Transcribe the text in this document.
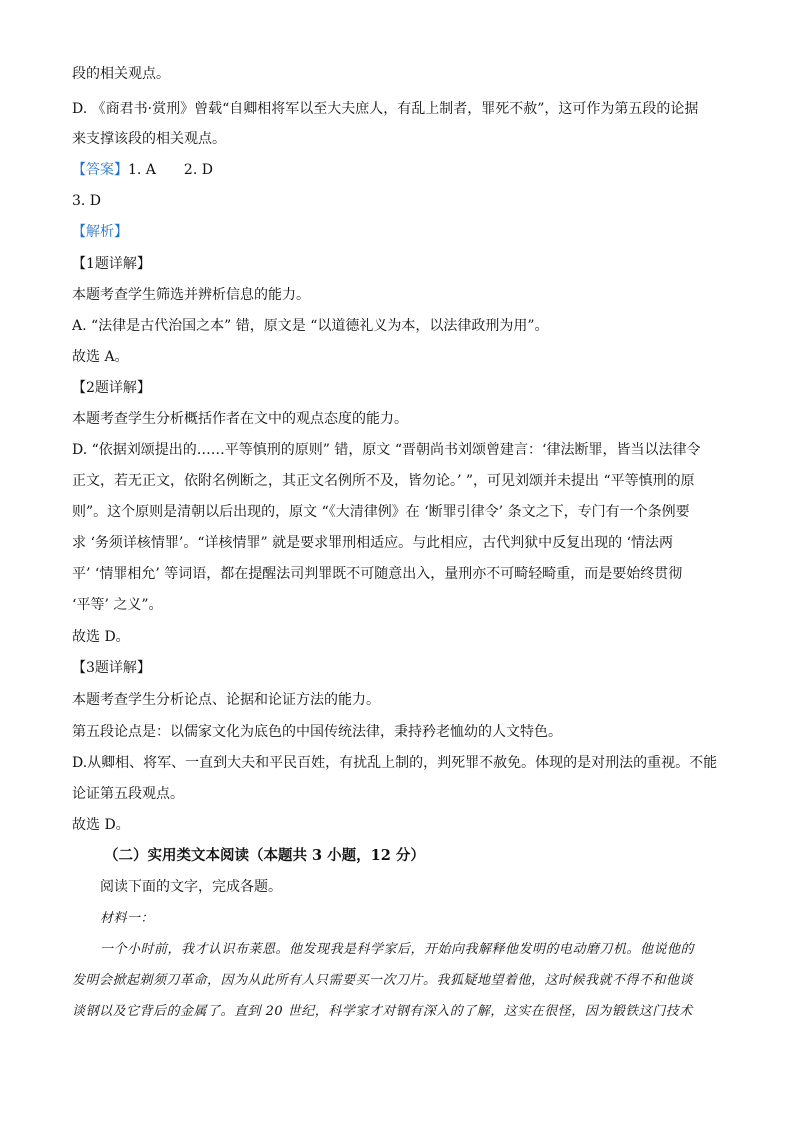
段的相关观点。
D. 《商君书·赏刑》曾载“自卿相将军以至大夫庶人，有乱上制者，罪死不赦”，这可作为第五段的论据
来支撑该段的相关观点。
【答案】1. A　　2. D
3. D
【解析】
【1题详解】
本题考查学生筛选并辨析信息的能力。
A. “法律是古代治国之本” 错，原文是 “以道德礼义为本，以法律政刑为用”。
故选 A。
【2题详解】
本题考查学生分析概括作者在文中的观点态度的能力。
D. “依据刘颂提出的……平等慎刑的原则” 错，原文 “晋朝尚书刘颂曾建言：‘律法断罪，皆当以法律令
正文，若无正文，依附名例断之，其正文名例所不及，皆勿论。’ ”，可见刘颂并未提出 “平等慎刑的原
则”。这个原则是清朝以后出现的，原文 “《大清律例》在 ‘断罪引律令’ 条文之下，专门有一个条例要
求 ‘务须详核情罪’。“详核情罪” 就是要求罪刑相适应。与此相应，古代判狱中反复出现的 ‘情法两
平’ ‘情罪相允’ 等词语，都在提醒法司判罪既不可随意出入，量刑亦不可畸轻畸重，而是要始终贯彻
‘平等’ 之义”。
故选 D。
【3题详解】
本题考查学生分析论点、论据和论证方法的能力。
第五段论点是：以儒家文化为底色的中国传统法律，秉持矜老恤幼的人文特色。
D.从卿相、将军、一直到大夫和平民百姓，有扰乱上制的，判死罪不赦免。体现的是对刑法的重视。不能
论证第五段观点。
故选 D。
（二）实用类文本阅读（本题共 3 小题，12 分）
阅读下面的文字，完成各题。
材料一：
一个小时前，我才认识布莱恩。他发现我是科学家后，开始向我解释他发明的电动磨刀机。他说他的
发明会掀起剃须刀革命，因为从此所有人只需要买一次刀片。我狐疑地望着他，这时候我就不得不和他谈
谈钢以及它背后的金属了。直到 20 世纪，科学家才对钢有深入的了解，这实在很怪，因为锻铁这门技术
